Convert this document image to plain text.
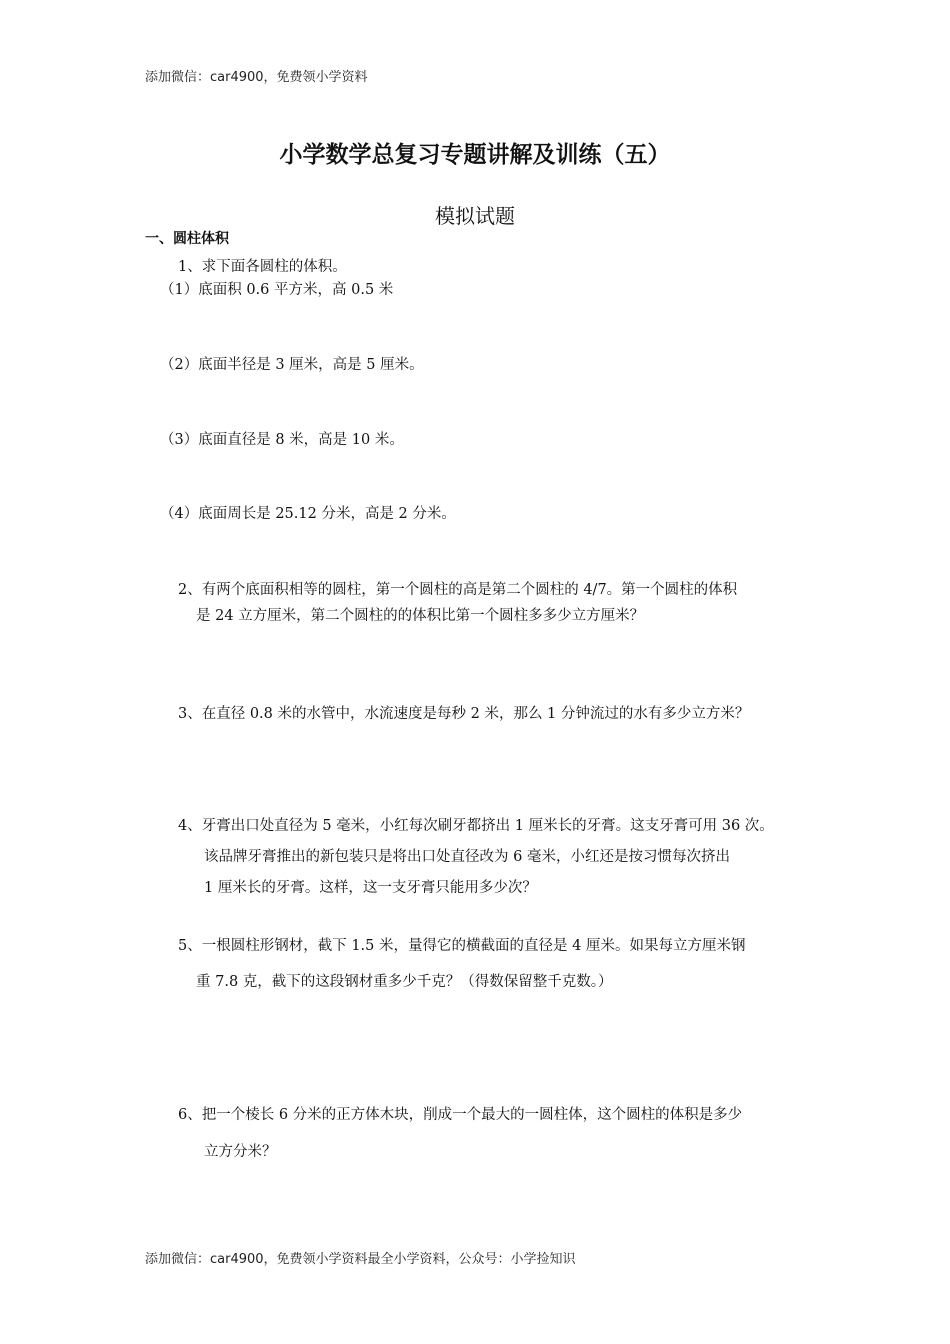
添加微信：car4900，免费领小学资料
小学数学总复习专题讲解及训练（五）
模拟试题
一、圆柱体积
1、求下面各圆柱的体积。
（1）底面积 0.6 平方米，高 0.5 米
（2）底面半径是 3 厘米，高是 5 厘米。
（3）底面直径是 8 米，高是 10 米。
（4）底面周长是 25.12 分米，高是 2 分米。
2、有两个底面积相等的圆柱，第一个圆柱的高是第二个圆柱的 4/7。第一个圆柱的体积
是 24 立方厘米，第二个圆柱的的体积比第一个圆柱多多少立方厘米？
3、在直径 0.8 米的水管中，水流速度是每秒 2 米，那么 1 分钟流过的水有多少立方米？
4、牙膏出口处直径为 5 毫米，小红每次刷牙都挤出 1 厘米长的牙膏。这支牙膏可用 36 次。
该品牌牙膏推出的新包装只是将出口处直径改为 6 毫米，小红还是按习惯每次挤出
1 厘米长的牙膏。这样，这一支牙膏只能用多少次？
5、一根圆柱形钢材，截下 1.5 米，量得它的横截面的直径是 4 厘米。如果每立方厘米钢
重 7.8 克，截下的这段钢材重多少千克？（得数保留整千克数。）
6、把一个棱长 6 分米的正方体木块，削成一个最大的一圆柱体，这个圆柱的体积是多少
立方分米？
添加微信：car4900，免费领小学资料最全小学资料，公众号：小学捡知识
